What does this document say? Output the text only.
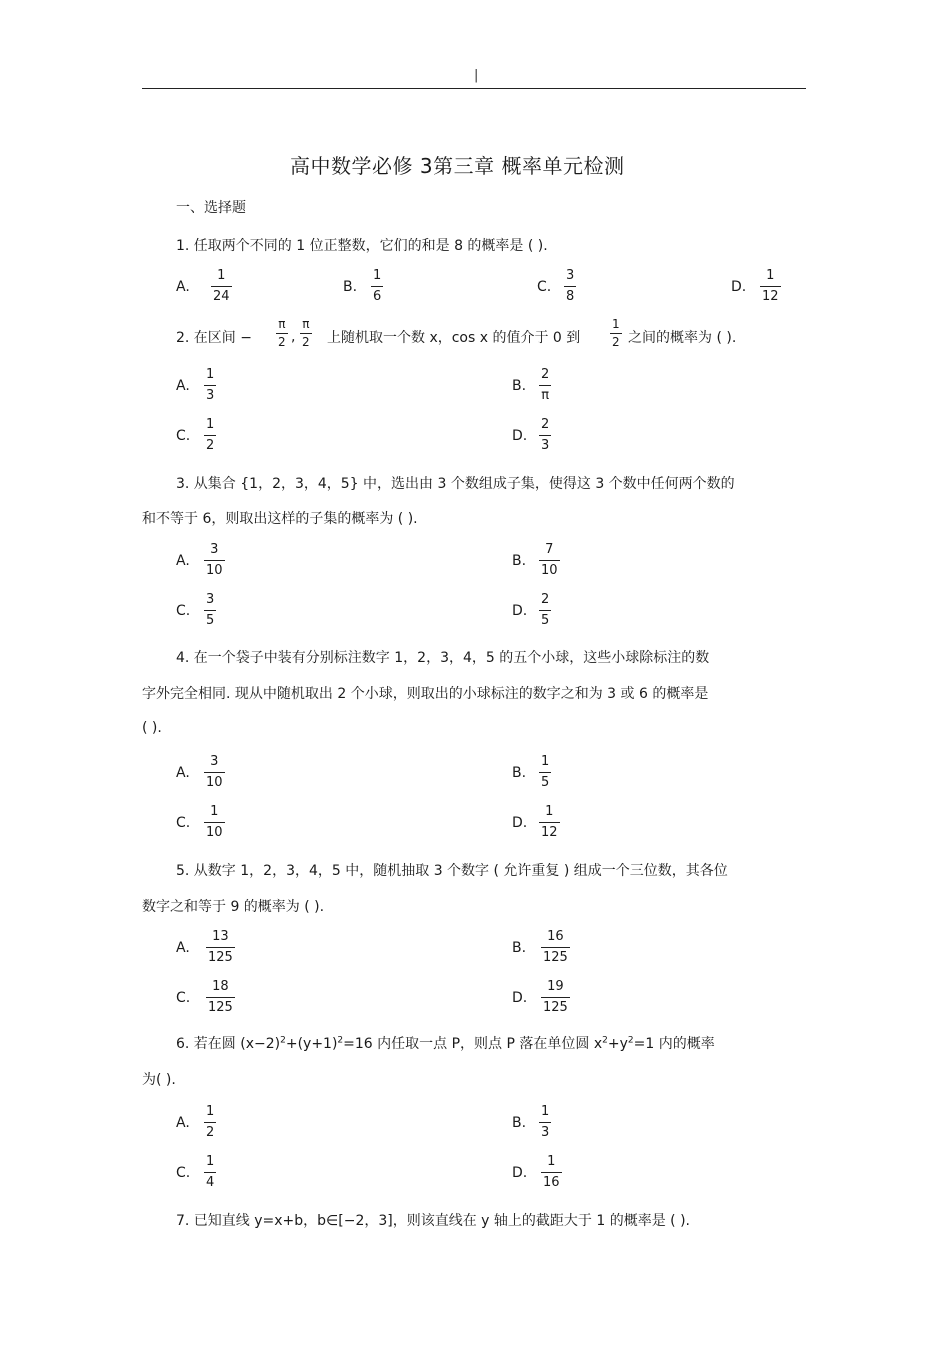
|
高中数学必修 3第三章 概率单元检测
一、选择题
1. 任取两个不同的 1 位正整数，它们的和是 8 的概率是 ( ).
A. $\frac{1}{24}$	B. $\frac{1}{6}$	C. $\frac{3}{8}$	D. $\frac{1}{12}$
2. 在区间 − $\frac{\pi}{2}$ , $\frac{\pi}{2}$ 上随机取一个数 x，cos x 的值介于 0 到 $\frac{1}{2}$ 之间的概率为 ( ).
A. $\frac{1}{3}$	B. $\frac{2}{\pi}$
C. $\frac{1}{2}$	D. $\frac{2}{3}$
3. 从集合 {1，2，3，4，5} 中，选出由 3 个数组成子集，使得这 3 个数中任何两个数的
和不等于 6，则取出这样的子集的概率为 ( ).
A. $\frac{3}{10}$	B. $\frac{7}{10}$
C. $\frac{3}{5}$	D. $\frac{2}{5}$
4. 在一个袋子中装有分别标注数字 1，2，3，4，5 的五个小球，这些小球除标注的数
字外完全相同. 现从中随机取出 2 个小球，则取出的小球标注的数字之和为 3 或 6 的概率是
( ).
A. $\frac{3}{10}$	B. $\frac{1}{5}$
C. $\frac{1}{10}$	D. $\frac{1}{12}$
5. 从数字 1，2，3，4，5 中，随机抽取 3 个数字 ( 允许重复 ) 组成一个三位数，其各位
数字之和等于 9 的概率为 ( ).
A. $\frac{13}{125}$	B. $\frac{16}{125}$
C. $\frac{18}{125}$	D. $\frac{19}{125}$
6. 若在圆 $(x-2)^2+(y+1)^2=16$ 内任取一点 P，则点 P 落在单位圆 $x^2+y^2=1$ 内的概率
为( ).
A. $\frac{1}{2}$	B. $\frac{1}{3}$
C. $\frac{1}{4}$	D. $\frac{1}{16}$
7. 已知直线 y=x+b，b∈[−2，3]，则该直线在 y 轴上的截距大于 1 的概率是 ( ).
